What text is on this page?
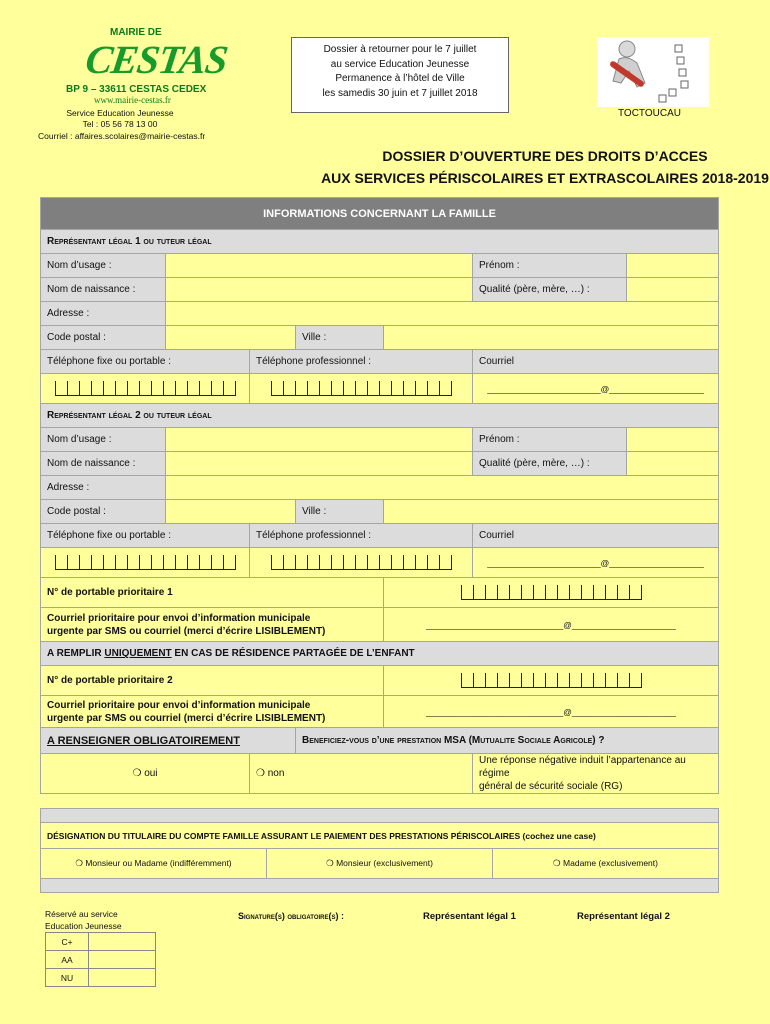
MAIRIE DE
CESTAS
BP 9 – 33611 CESTAS CEDEX
www.mairie-cestas.fr
Service Education Jeunesse
Tel : 05 56 78 13 00
Courriel : affaires.scolaires@mairie-cestas.fr
Dossier à retourner pour le 7 juillet
au service Education Jeunesse
Permanence à l’hôtel de Ville
les samedis 30 juin et 7 juillet 2018
TOCTOUCAU
DOSSIER D’OUVERTURE DES DROITS D’ACCES
AUX SERVICES PÉRISCOLAIRES ET EXTRASCOLAIRES 2018-2019
INFORMATIONS CONCERNANT LA FAMILLE						
Représentant légal 1 ou tuteur légal						
Nom d’usage :					Prénom :	
Nom de naissance :					Qualité (père, mère, …) :	
Adresse :						
Code postal :			Ville :			
Téléphone fixe ou portable :		Téléphone professionnel :			Courriel	

				________________________@____________________	
Représentant légal 2 ou tuteur légal						
Nom d’usage :					Prénom :	
Nom de naissance :					Qualité (père, mère, …) :	
Adresse :						
Code postal :			Ville :			
Téléphone fixe ou portable :		Téléphone professionnel :			Courriel	

				________________________@____________________	
N° de portable prioritaire 1						

Courriel prioritaire pour envoi d’information municipale
urgente par SMS ou courriel (merci d’écrire LISIBLEMENT)				_____________________________@______________________		
A REMPLIR UNIQUEMENT EN CAS DE RÉSIDENCE PARTAGÉE DE L’ENFANT						
N° de portable prioritaire 2						

Courriel prioritaire pour envoi d’information municipale
urgente par SMS ou courriel (merci d’écrire LISIBLEMENT)				_____________________________@______________________		
A RENSEIGNER OBLIGATOIREMENT			Beneficiez-vous d’une prestation MSA (Mutualite Sociale Agricole) ?			
❍ oui		❍ non			Une réponse négative induit l’appartenance au régime
général de sécurité sociale (RG)	

DÉSIGNATION DU TITULAIRE DU COMPTE FAMILLE ASSURANT LE PAIEMENT DES PRESTATIONS PÉRISCOLAIRES (cochez une case)
❍ Monsieur ou Madame (indifféremment)	❍ Monsieur (exclusivement)	❍ Madame (exclusivement)

Réservé au service
Education Jeunesse
C+	
AA	
NU	
Signature(s) obligatoire(s) :	Représentant légal 1	Représentant légal 2
